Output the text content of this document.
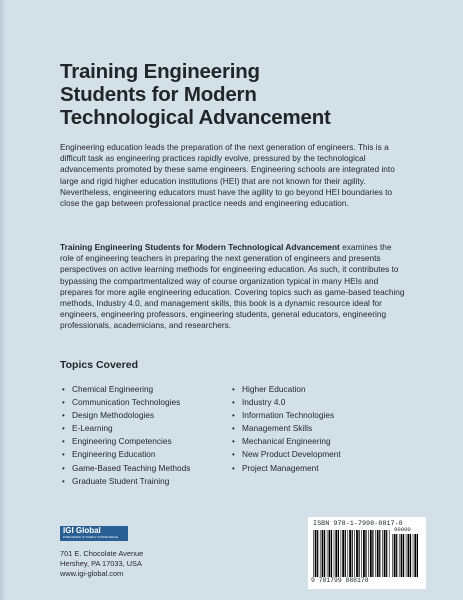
Training Engineering
Students for Modern
Technological Advancement
Engineering education leads the preparation of the next generation of engineers. This is a difficult task as engineering practices rapidly evolve, pressured by the technological advancements promoted by these same engineers. Engineering schools are integrated into large and rigid higher education institutions (HEI) that are not known for their agility. Nevertheless, engineering educators must have the agility to go beyond HEI boundaries to close the gap between professional practice needs and engineering education.
Training Engineering Students for Modern Technological Advancement examines the role of engineering teachers in preparing the next generation of engineers and presents perspectives on active learning methods for engineering education. As such, it contributes to bypassing the compartmentalized way of course organization typical in many HEIs and prepares for more agile engineering education. Covering topics such as game-based teaching methods, Industry 4.0, and management skills, this book is a dynamic resource ideal for engineers, engineering professors, engineering students, general educators, engineering professionals, academicians, and researchers.
Topics Covered
• Chemical Engineering
• Communication Technologies
• Design Methodologies
• E-Learning
• Engineering Competencies
• Engineering Education
• Game-Based Teaching Methods
• Graduate Student Training
• Higher Education
• Industry 4.0
• Information Technologies
• Management Skills
• Mechanical Engineering
• New Product Development
• Project Management
IGI Global
PUBLISHER of TIMELY KNOWLEDGE
701 E. Chocolate Avenue
Hershey, PA 17033, USA
www.igi-global.com
ISBN 978-1-7998-8817-8
90000
9 781799 888178
